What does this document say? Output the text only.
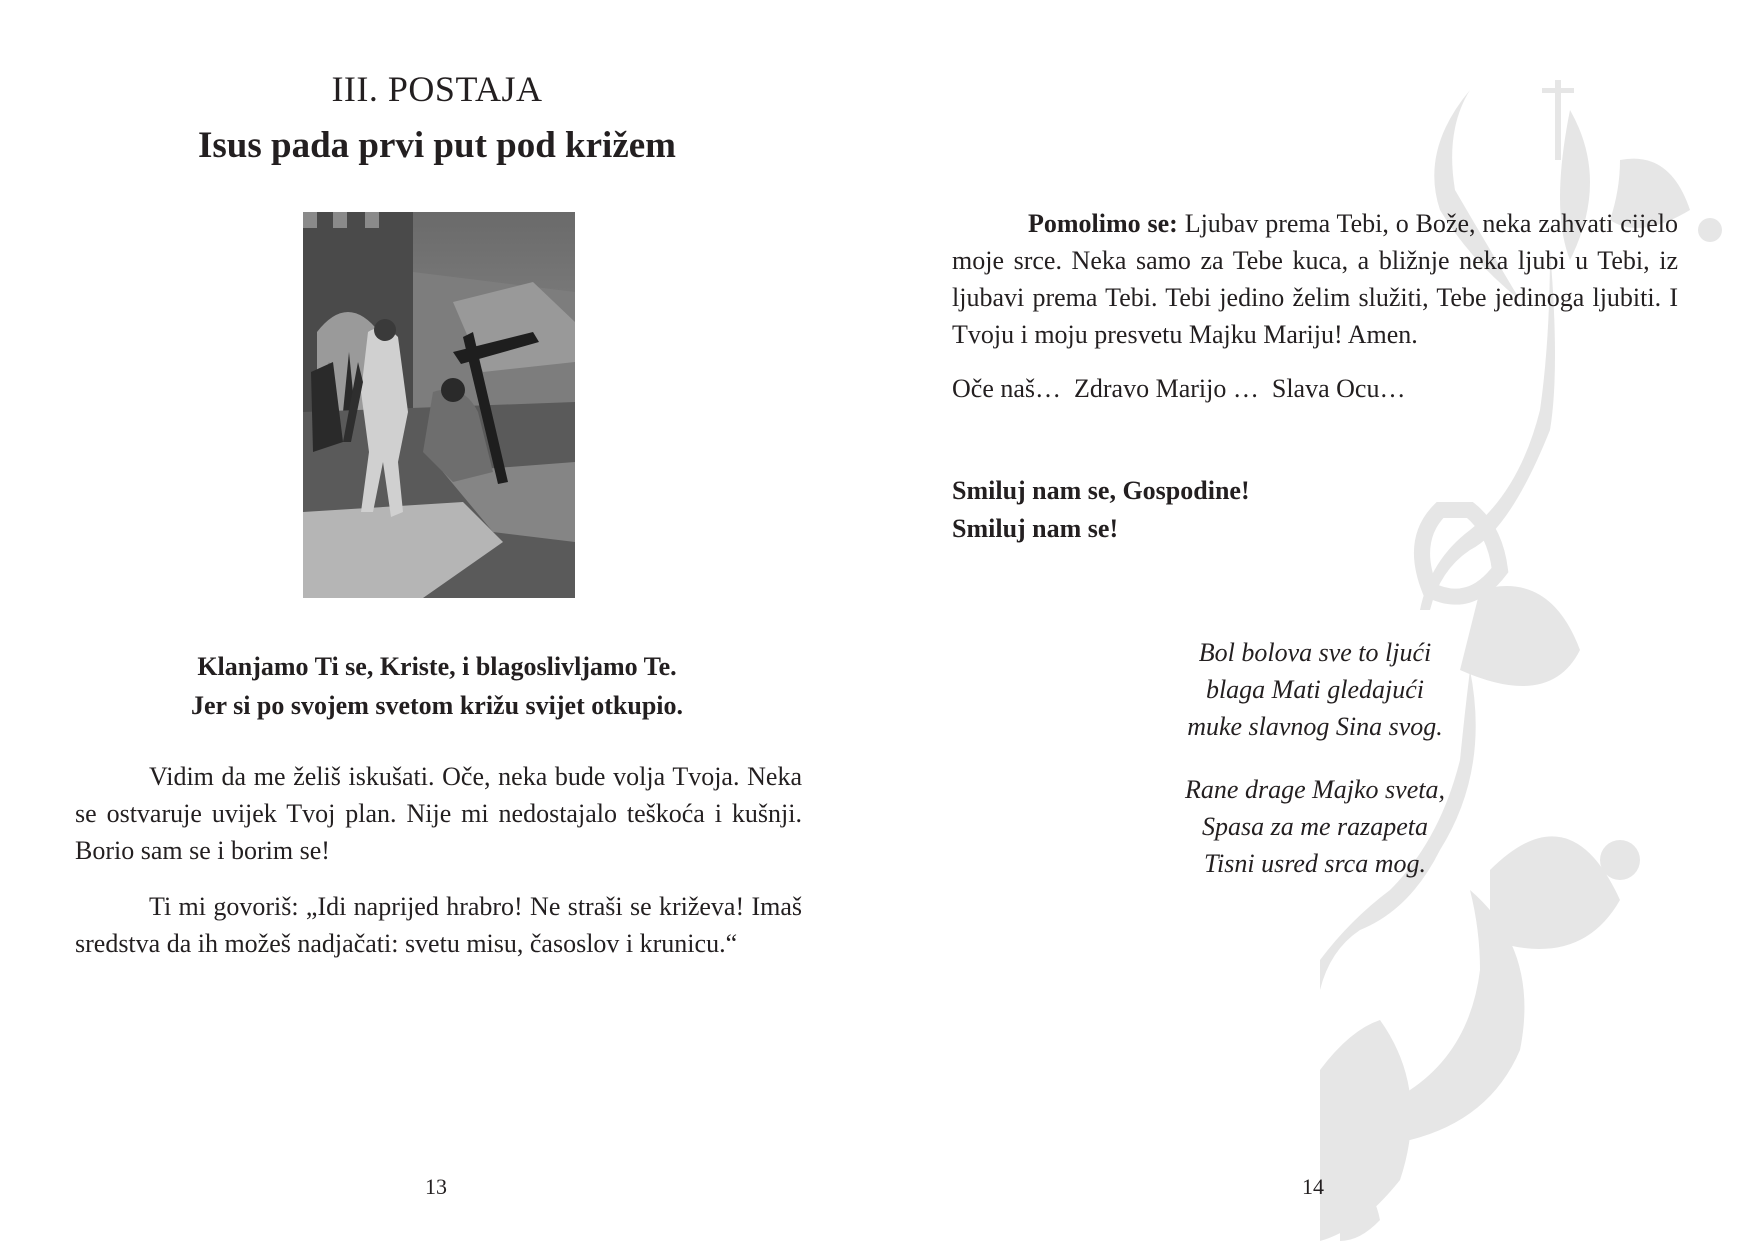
III. POSTAJA
Isus pada prvi put pod križem
Klanjamo Ti se, Kriste, i blagoslivljamo Te.
Jer si po svojem svetom križu svijet otkupio.

Vidim da me želiš iskušati. Oče, neka bude volja Tvoja. Neka se ostvaruje uvijek Tvoj plan. Nije mi nedostajalo teškoća i kušnji. Borio sam se i borim se!

Ti mi govoriš: „Idi naprijed hrabro! Ne straši se križeva! Imaš sredstva da ih možeš nadjačati: svetu misu, časoslov i krunicu.“

13

Pomolimo se: Ljubav prema Tebi, o Bože, neka zahvati cijelo moje srce. Neka samo za Tebe kuca, a bližnje neka ljubi u Tebi, iz ljubavi prema Tebi. Tebi jedino želim služiti, Tebe jedinoga ljubiti. I Tvoju i moju presvetu Majku Mariju! Amen.

Oče naš…  Zdravo Marijo …  Slava Ocu…
Smiluj nam se, Gospodine!
Smiluj nam se!
Bol bolova sve to ljući
blaga Mati gledajući
muke slavnog Sina svog.
Rane drage Majko sveta,
Spasa za me razapeta
Tisni usred srca mog.
14
